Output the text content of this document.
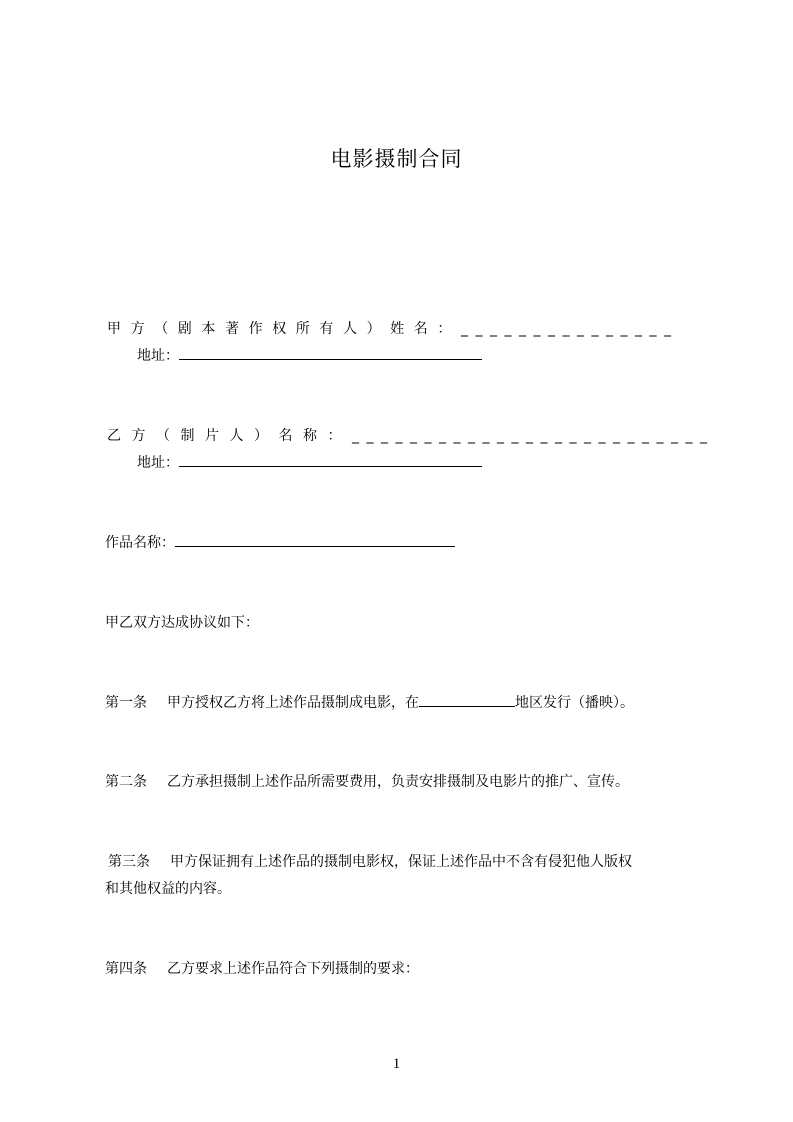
电影摄制合同
甲方（剧本著作权所有人）姓名：_______________
地址：
乙方（制片人）名称：_________________________
地址：
作品名称：
甲乙双方达成协议如下：
第一条 甲方授权乙方将上述作品摄制成电影，在	地区发行（播映）。
第二条 乙方承担摄制上述作品所需要费用，负责安排摄制及电影片的推广、宣传。
第三条 甲方保证拥有上述作品的摄制电影权，保证上述作品中不含有侵犯他人版权
和其他权益的内容。
第四条 乙方要求上述作品符合下列摄制的要求：
1
